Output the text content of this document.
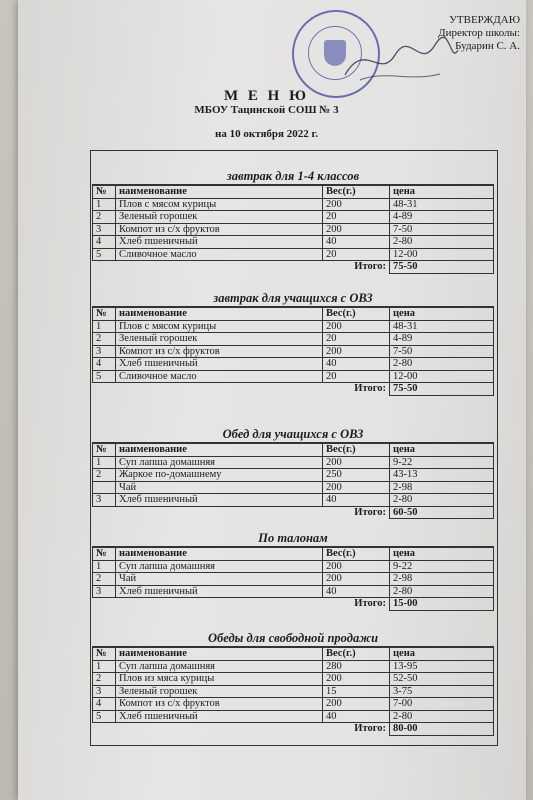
УТВЕРЖДАЮ
Директор школы:
Бударин С. А.
М Е Н Ю
МБОУ Тацинской СОШ № 3
на 10 октября 2022 г.
завтрак для 1-4 классов
№	наименование	Вес(г.)	цена
1	Плов с мясом курицы	200	48-31
2	Зеленый горошек	20	4-89
3	Компот из с/х фруктов	200	7-50
4	Хлеб пшеничный	40	2-80
5	Сливочное масло	20	12-00
Итого:			75-50
завтрак для учащихся с ОВЗ
№	наименование	Вес(г.)	цена
1	Плов с мясом курицы	200	48-31
2	Зеленый горошек	20	4-89
3	Компот из с/х фруктов	200	7-50
4	Хлеб пшеничный	40	2-80
5	Сливочное масло	20	12-00
Итого:			75-50
Обед для учащихся с ОВЗ
№	наименование	Вес(г.)	цена
1	Суп лапша домашняя	200	9-22
2	Жаркое по-домашнему	250	43-13
	Чай	200	2-98
3	Хлеб пшеничный	40	2-80
Итого:			60-50
По талонам
№	наименование	Вес(г.)	цена
1	Суп лапша домашняя	200	9-22
2	Чай	200	2-98
3	Хлеб пшеничный	40	2-80
Итого:			15-00
Обеды для свободной продажи
№	наименование	Вес(г.)	цена
1	Суп лапша домашняя	280	13-95
2	Плов из мяса курицы	200	52-50
3	Зеленый горошек	15	3-75
4	Компот из с/х фруктов	200	7-00
5	Хлеб пшеничный	40	2-80
Итого:			80-00
